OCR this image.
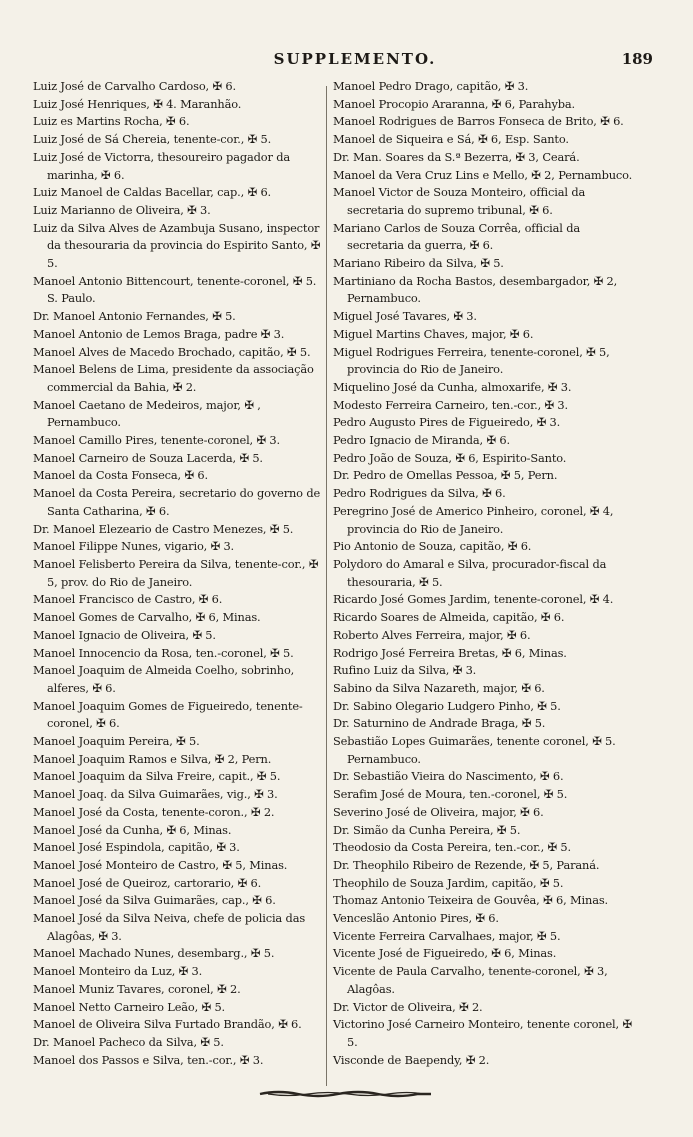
SUPPLEMENTO.	189

Luiz José de Carvalho Cardoso, ✠ 6.

Luiz José Henriques, ✠ 4. Maranhão.

Luiz es Martins Rocha, ✠ 6.

Luiz José de Sá Chereia, tenente-cor., ✠ 5.

Luiz José de Victorra, thesoureiro pagador da marinha, ✠ 6.

Luiz Manoel de Caldas Bacellar, cap., ✠ 6.

Luiz Marianno de Oliveira, ✠ 3.

Luiz da Silva Alves de Azambuja Susano, inspector da thesouraria da provincia do Espirito Santo, ✠ 5.

Manoel Antonio Bittencourt, tenente-coronel, ✠ 5. S. Paulo.

Dr. Manoel Antonio Fernandes, ✠ 5.

Manoel Antonio de Lemos Braga, padre ✠ 3.

Manoel Alves de Macedo Brochado, capitão, ✠ 5.

Manoel Belens de Lima, presidente da associação commercial da Bahia, ✠ 2.

Manoel Caetano de Medeiros, major, ✠ , Pernambuco.

Manoel Camillo Pires, tenente-coronel, ✠ 3.

Manoel Carneiro de Souza Lacerda, ✠ 5.

Manoel da Costa Fonseca, ✠ 6.

Manoel da Costa Pereira, secretario do governo de Santa Catharina, ✠ 6.

Dr. Manoel Elezeario de Castro Menezes, ✠ 5.

Manoel Filippe Nunes, vigario, ✠ 3.

Manoel Felisberto Pereira da Silva, tenente-cor., ✠ 5, prov. do Rio de Janeiro.

Manoel Francisco de Castro, ✠ 6.

Manoel Gomes de Carvalho, ✠ 6, Minas.

Manoel Ignacio de Oliveira, ✠ 5.

Manoel Innocencio da Rosa, ten.-coronel, ✠ 5.

Manoel Joaquim de Almeida Coelho, sobrinho, alferes, ✠ 6.

Manoel Joaquim Gomes de Figueiredo, tenente-coronel, ✠ 6.

Manoel Joaquim Pereira, ✠ 5.

Manoel Joaquim Ramos e Silva, ✠ 2, Pern.

Manoel Joaquim da Silva Freire, capit., ✠ 5.

Manoel Joaq. da Silva Guimarães, vig., ✠ 3.

Manoel José da Costa, tenente-coron., ✠ 2.

Manoel José da Cunha, ✠ 6, Minas.

Manoel José Espindola, capitão, ✠ 3.

Manoel José Monteiro de Castro, ✠ 5, Minas.

Manoel José de Queiroz, cartorario, ✠ 6.

Manoel José da Silva Guimarães, cap., ✠ 6.

Manoel José da Silva Neiva, chefe de policia das Alagôas, ✠ 3.

Manoel Machado Nunes, desembarg., ✠ 5.

Manoel Monteiro da Luz, ✠ 3.

Manoel Muniz Tavares, coronel, ✠ 2.

Manoel Netto Carneiro Leão, ✠ 5.

Manoel de Oliveira Silva Furtado Brandão, ✠ 6.

Dr. Manoel Pacheco da Silva, ✠ 5.

Manoel dos Passos e Silva, ten.-cor., ✠ 3.

Manoel Pedro Drago, capitão, ✠ 3.

Manoel Procopio Araranna, ✠ 6, Parahyba.

Manoel Rodrigues de Barros Fonseca de Brito, ✠ 6.

Manoel de Siqueira e Sá, ✠ 6, Esp. Santo.

Dr. Man. Soares da S.ª Bezerra, ✠ 3, Ceará.

Manoel da Vera Cruz Lins e Mello, ✠ 2, Pernambuco.

Manoel Victor de Souza Monteiro, official da secretaria do supremo tribunal, ✠ 6.

Mariano Carlos de Souza Corrêa, official da secretaria da guerra, ✠ 6.

Mariano Ribeiro da Silva, ✠ 5.

Martiniano da Rocha Bastos, desembargador, ✠ 2, Pernambuco.

Miguel José Tavares, ✠ 3.

Miguel Martins Chaves, major, ✠ 6.

Miguel Rodrigues Ferreira, tenente-coronel, ✠ 5, provincia do Rio de Janeiro.

Miquelino José da Cunha, almoxarife, ✠ 3.

Modesto Ferreira Carneiro, ten.-cor., ✠ 3.

Pedro Augusto Pires de Figueiredo, ✠ 3.

Pedro Ignacio de Miranda, ✠ 6.

Pedro João de Souza, ✠ 6, Espirito-Santo.

Dr. Pedro de Omellas Pessoa, ✠ 5, Pern.

Pedro Rodrigues da Silva, ✠ 6.

Peregrino José de Americo Pinheiro, coronel, ✠ 4, provincia do Rio de Janeiro.

Pio Antonio de Souza, capitão, ✠ 6.

Polydoro do Amaral e Silva, procurador-fiscal da thesouraria, ✠ 5.

Ricardo José Gomes Jardim, tenente-coronel, ✠ 4.

Ricardo Soares de Almeida, capitão, ✠ 6.

Roberto Alves Ferreira, major, ✠ 6.

Rodrigo José Ferreira Bretas, ✠ 6, Minas.

Rufino Luiz da Silva, ✠ 3.

Sabino da Silva Nazareth, major, ✠ 6.

Dr. Sabino Olegario Ludgero Pinho, ✠ 5.

Dr. Saturnino de Andrade Braga, ✠ 5.

Sebastião Lopes Guimarães, tenente coronel, ✠ 5. Pernambuco.

Dr. Sebastião Vieira do Nascimento, ✠ 6.

Serafim José de Moura, ten.-coronel, ✠ 5.

Severino José de Oliveira, major, ✠ 6.

Dr. Simão da Cunha Pereira, ✠ 5.

Theodosio da Costa Pereira, ten.-cor., ✠ 5.

Dr. Theophilo Ribeiro de Rezende, ✠ 5, Paraná.

Theophilo de Souza Jardim, capitão, ✠ 5.

Thomaz Antonio Teixeira de Gouvêa, ✠ 6, Minas.

Venceslão Antonio Pires, ✠ 6.

Vicente Ferreira Carvalhaes, major, ✠ 5.

Vicente José de Figueiredo, ✠ 6, Minas.

Vicente de Paula Carvalho, tenente-coronel, ✠ 3, Alagôas.

Dr. Victor de Oliveira, ✠ 2.

Victorino José Carneiro Monteiro, tenente coronel, ✠ 5.

Visconde de Baependy, ✠ 2.
